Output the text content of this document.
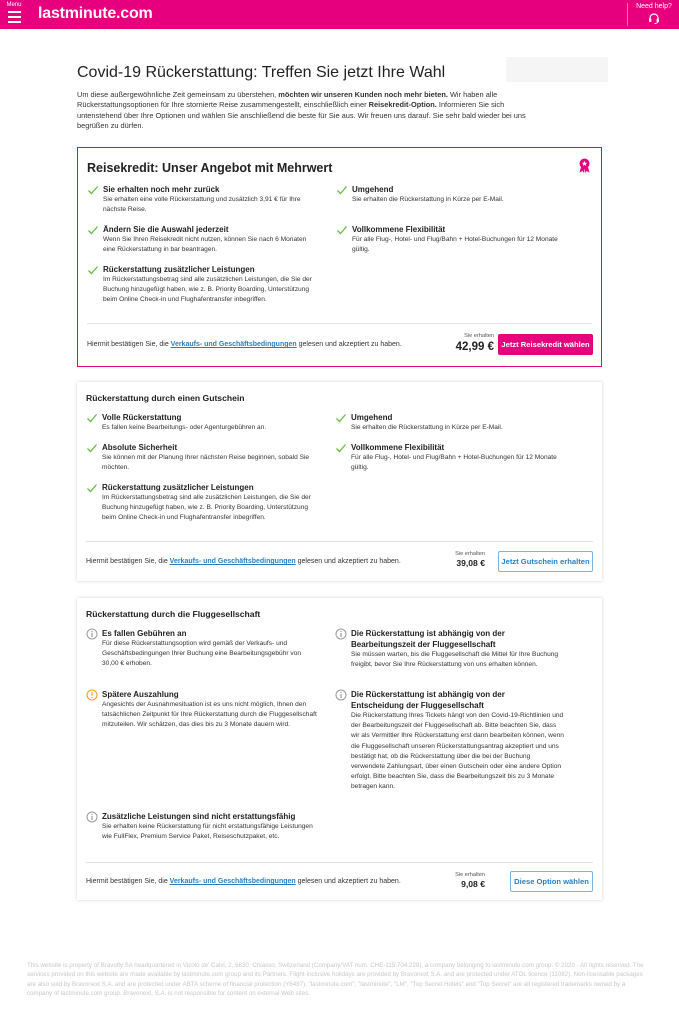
Menu lastminute.com	Need help?
Covid-19 Rückerstattung: Treffen Sie jetzt Ihre Wahl

Um diese außergewöhnliche Zeit gemeinsam zu überstehen, möchten wir unseren Kunden noch mehr bieten. Wir haben alle Rückerstattungsoptionen für Ihre stornierte Reise zusammengestellt, einschließlich einer Reisekredit-Option. Informieren Sie sich untenstehend über Ihre Optionen und wählen Sie anschließend die beste für Sie aus. Wir freuen uns darauf. Sie sehr bald wieder bei uns begrüßen zu dürfen.

Reisekredit: Unser Angebot mit Mehrwert
Sie erhalten noch mehr zurück
Sie erhalten eine volle Rückerstattung und zusätzlich 3,91 € für Ihre nächste Reise.
Umgehend
Sie erhalten die Rückerstattung in Kürze per E-Mail.
Ändern Sie die Auswahl jederzeit
Wenn Sie Ihren Reisekredit nicht nutzen, können Sie nach 6 Monaten eine Rückerstattung in bar beantragen.
Vollkommene Flexibilität
Für alle Flug-, Hotel- und Flug/Bahn + Hotel-Buchungen für 12 Monate gültig.
Rückerstattung zusätzlicher Leistungen
Im Rückerstattungsbetrag sind alle zusätzlichen Leistungen, die Sie der Buchung hinzugefügt haben, wie z. B. Priority Boarding, Unterstützung beim Online Check-in und Flughafentransfer inbegriffen.
Hiermit bestätigen Sie, die Verkaufs- und Geschäftsbedingungen gelesen und akzeptiert zu haben.
Sie erhalten
42,99 € Jetzt Reisekredit wählen
Rückerstattung durch einen Gutschein
Volle Rückerstattung
Es fallen keine Bearbeitungs- oder Agenturgebühren an.
Umgehend
Sie erhalten die Rückerstattung in Kürze per E-Mail.
Absolute Sicherheit
Sie können mit der Planung Ihrer nächsten Reise beginnen, sobald Sie möchten.
Vollkommene Flexibilität
Für alle Flug-, Hotel- und Flug/Bahn + Hotel-Buchungen für 12 Monate gültig.
Rückerstattung zusätzlicher Leistungen
Im Rückerstattungsbetrag sind alle zusätzlichen Leistungen, die Sie der Buchung hinzugefügt haben, wie z. B. Priority Boarding, Unterstützung beim Online Check-in und Flughafentransfer inbegriffen.
Hiermit bestätigen Sie, die Verkaufs- und Geschäftsbedingungen gelesen und akzeptiert zu haben.
Sie erhalten
39,08 €	Jetzt Gutschein erhalten
Rückerstattung durch die Fluggesellschaft
Es fallen Gebühren an
Für diese Rückerstattungsoption wird gemäß der Verkaufs- und Geschäftsbedingungen Ihrer Buchung eine Bearbeitungsgebühr von 30,00 € erhoben.
Die Rückerstattung ist abhängig von der Bearbeitungszeit der Fluggesellschaft
Sie müssen warten, bis die Fluggesellschaft die Mittel für Ihre Buchung freigibt, bevor Sie Ihre Rückerstattung von uns erhalten können.
Spätere Auszahlung
Angesichts der Ausnahmesituation ist es uns nicht möglich, Ihnen den tatsächlichen Zeitpunkt für Ihre Rückerstattung durch die Fluggesellschaft mitzuteilen. Wir schätzen, das dies bis zu 3 Monate dauern wird.
Die Rückerstattung ist abhängig von der Entscheidung der Fluggesellschaft
Die Rückerstattung Ihres Tickets hängt von den Covid-19-Richtlinien und der Bearbeitungszeit der Fluggesellschaft ab. Bitte beachten Sie, dass wir als Vermittler Ihre Rückerstattung erst dann bearbeiten können, wenn die Fluggesellschaft unseren Rückerstattungsantrag akzeptiert und uns bestätigt hat, ob die Rückerstattung über die bei der Buchung verwendete Zahlungsart, über einen Gutschein oder eine andere Option erfolgt. Bitte beachten Sie, dass die Bearbeitungszeit bis zu 3 Monate betragen kann.
Zusätzliche Leistungen sind nicht erstattungsfähig
Sie erhalten keine Rückerstattung für nicht erstattungsfähige Leistungen wie FullFlex, Premium Service Paket, Reiseschutzpaket, etc.
Hiermit bestätigen Sie, die Verkaufs- und Geschäftsbedingungen gelesen und akzeptiert zu haben.
Sie erhalten
9,08 €	Diese Option wählen
This website is property of Bravofly SA headquartered in Vicolo de' Calvi, 2, 6830, Chiasso, Switzerland (Company/VAT num. CHE-115.704.228), a company belonging to lastminute.com group. © 2020 - All rights reserved. The services provided on this website are made available by lastminute.com group and its Partners. Flight-inclusive holidays are provided by Bravonext S.A. and are protected under ATOL licence (11082). Non-licensable packages are also sold by Bravonext S.A. and are protected under ABTA scheme of financial protection (Y6487). "lastminute.com", "lastminute", "LM", "Top Secret Hotels" and "Top Secret" are all registered trademarks owned by a company of lastminute.com group. Bravonext, S.A. is not responsible for content on external Web sites.
